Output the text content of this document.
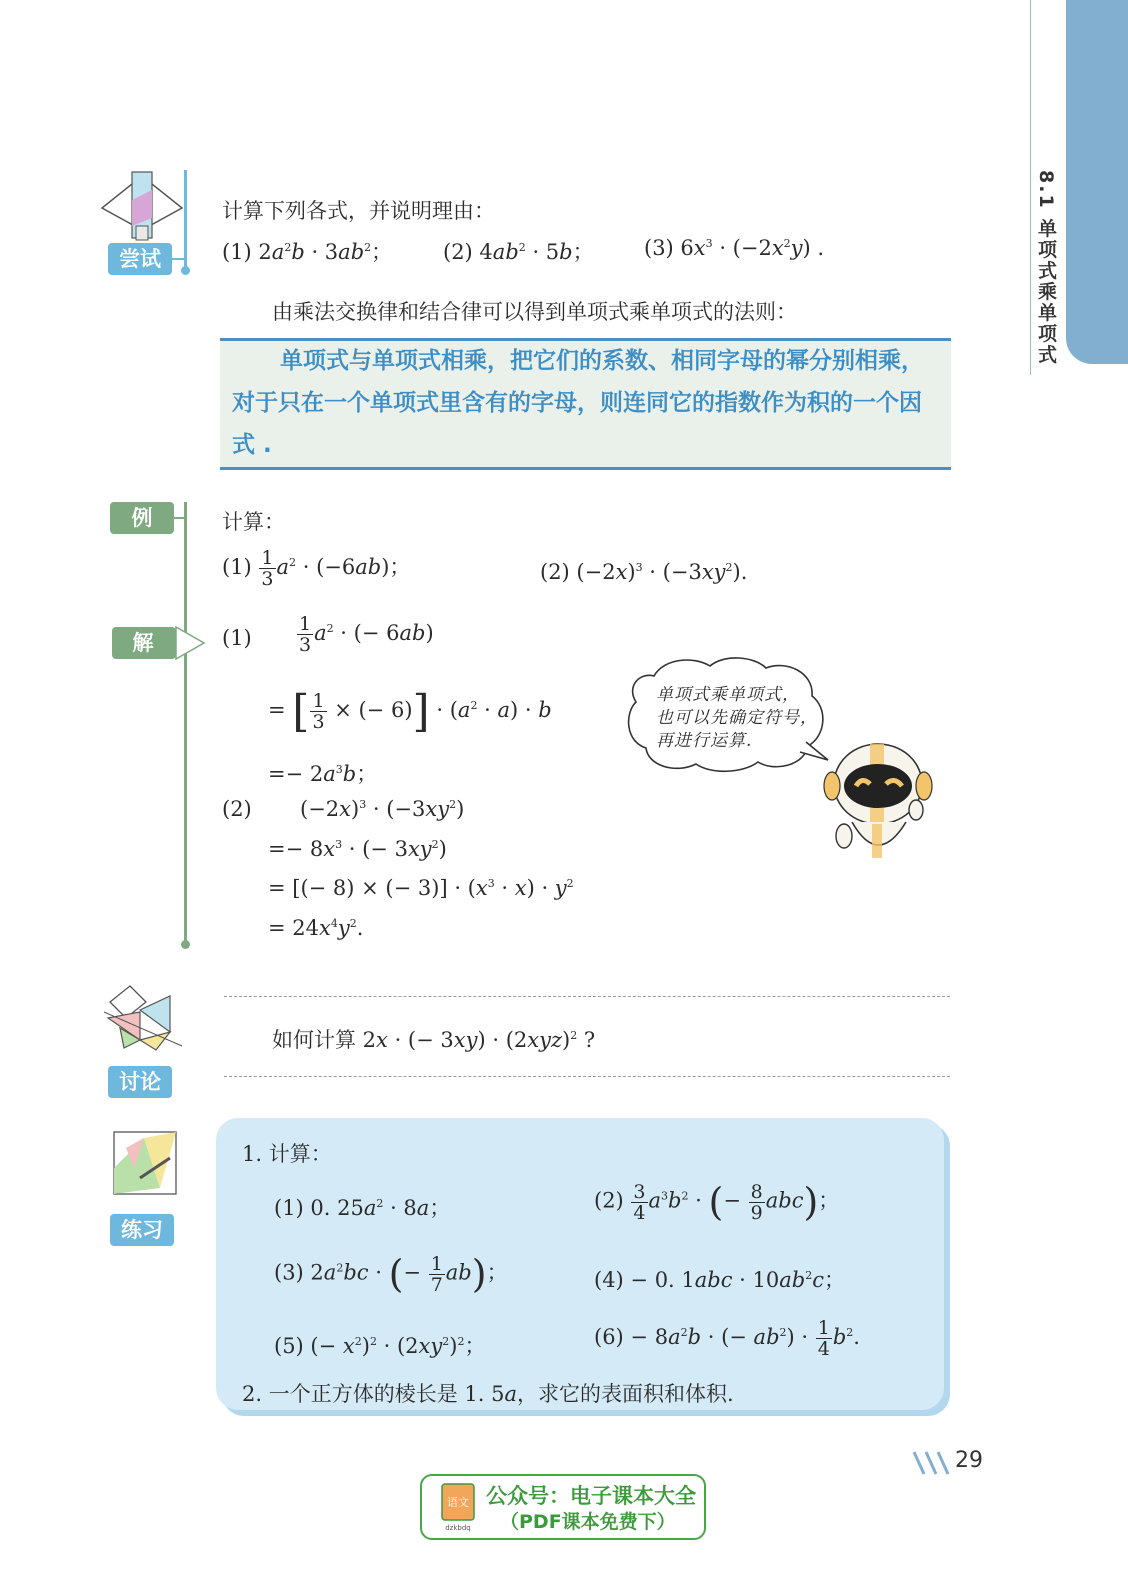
8.1 单项式乘单项式
尝试
计算下列各式，并说明理由：
(1) $2a^2b \cdot 3ab^2$； (2) $4ab^2 \cdot 5b$； (3) $6x^3 \cdot (-2x^2y)$ .
由乘法交换律和结合律可以得到单项式乘单项式的法则：
单项式与单项式相乘，把它们的系数、相同字母的幂分别相乘，对于只在一个单项式里含有的字母，则连同它的指数作为积的一个因式 .
例	计算：
$(1) \frac{1}{3} a^2 \cdot (-6ab)$；	(2) $(-2x)^3 \cdot (-3xy^2)$.
解	$(1) \frac{1}{3} a^2$ · (− 6ab)
= [ $\frac{1}{3}$ × (− $6)] \cdot (a^2 \cdot a) \cdot b$
=− $2a^3b$；
(2) $(-2x)^3 \cdot (-3xy^2)$
=− $8x^3$ · (− $3xy^2$)
= [(− 8) × (− $3)] \cdot (x^3 \cdot x) \cdot y^2$
= $24x^4y^2$.
单项式乘单项式，
也可以先确定符号，
再进行运算.
讨论
如何计算 2x · (− $3xy) \cdot (2xyz)^2$ ?
练习
1. 计算：
(1) 0. $25a^2 \cdot 8a$；	$(2) \frac{3}{4} a^3b^2$ · (− $\frac{8}{9} abc$)；
(3) $2a^2bc$ · (− $\frac{1}{7} ab$)；	(4) − 0. $1abc \cdot 10ab^2c$；
(5) (− $x^2)^2 \cdot (2xy^2)^2$；	$(6) - 8a^2b$ · (− $ab^2) \cdot \frac{1}{4} b^2$.
2. 一个正方体的棱长是 1. 5a，求它的表面积和体积.
29
语文
dzkbdq
公众号：电子课本大全
（PDF课本免费下）
